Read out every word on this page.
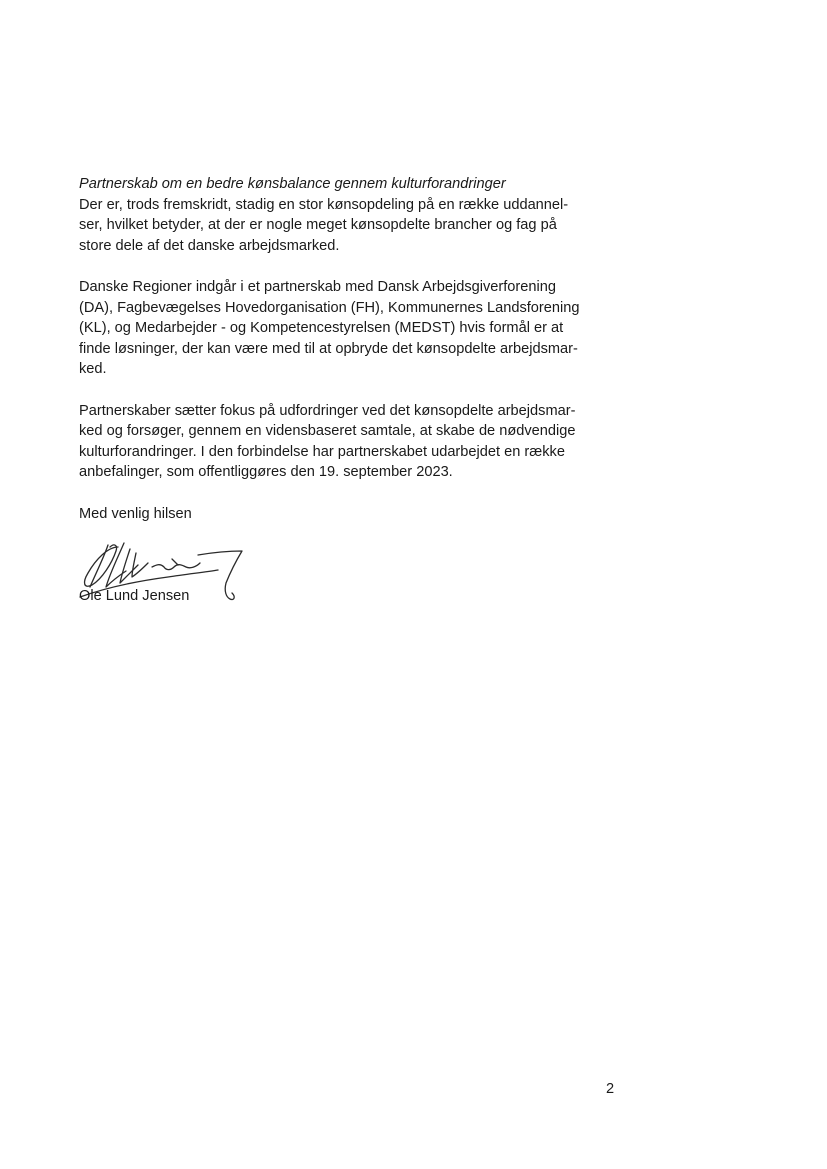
Partnerskab om en bedre kønsbalance gennem kulturforandringer

Der er, trods fremskridt, stadig en stor kønsopdeling på en række uddannel-
ser, hvilket betyder, at der er nogle meget kønsopdelte brancher og fag på
store dele af det danske arbejdsmarked.

Danske Regioner indgår i et partnerskab med Dansk Arbejdsgiverforening
(DA), Fagbevægelses Hovedorganisation (FH), Kommunernes Landsforening
(KL), og Medarbejder - og Kompetencestyrelsen (MEDST) hvis formål er at
finde løsninger, der kan være med til at opbryde det kønsopdelte arbejdsmar-
ked.

Partnerskaber sætter fokus på udfordringer ved det kønsopdelte arbejdsmar-
ked og forsøger, gennem en vidensbaseret samtale, at skabe de nødvendige
kulturforandringer. I den forbindelse har partnerskabet udarbejdet en række
anbefalinger, som offentliggøres den 19. september 2023.

Med venlig hilsen

Ole Lund Jensen
2
